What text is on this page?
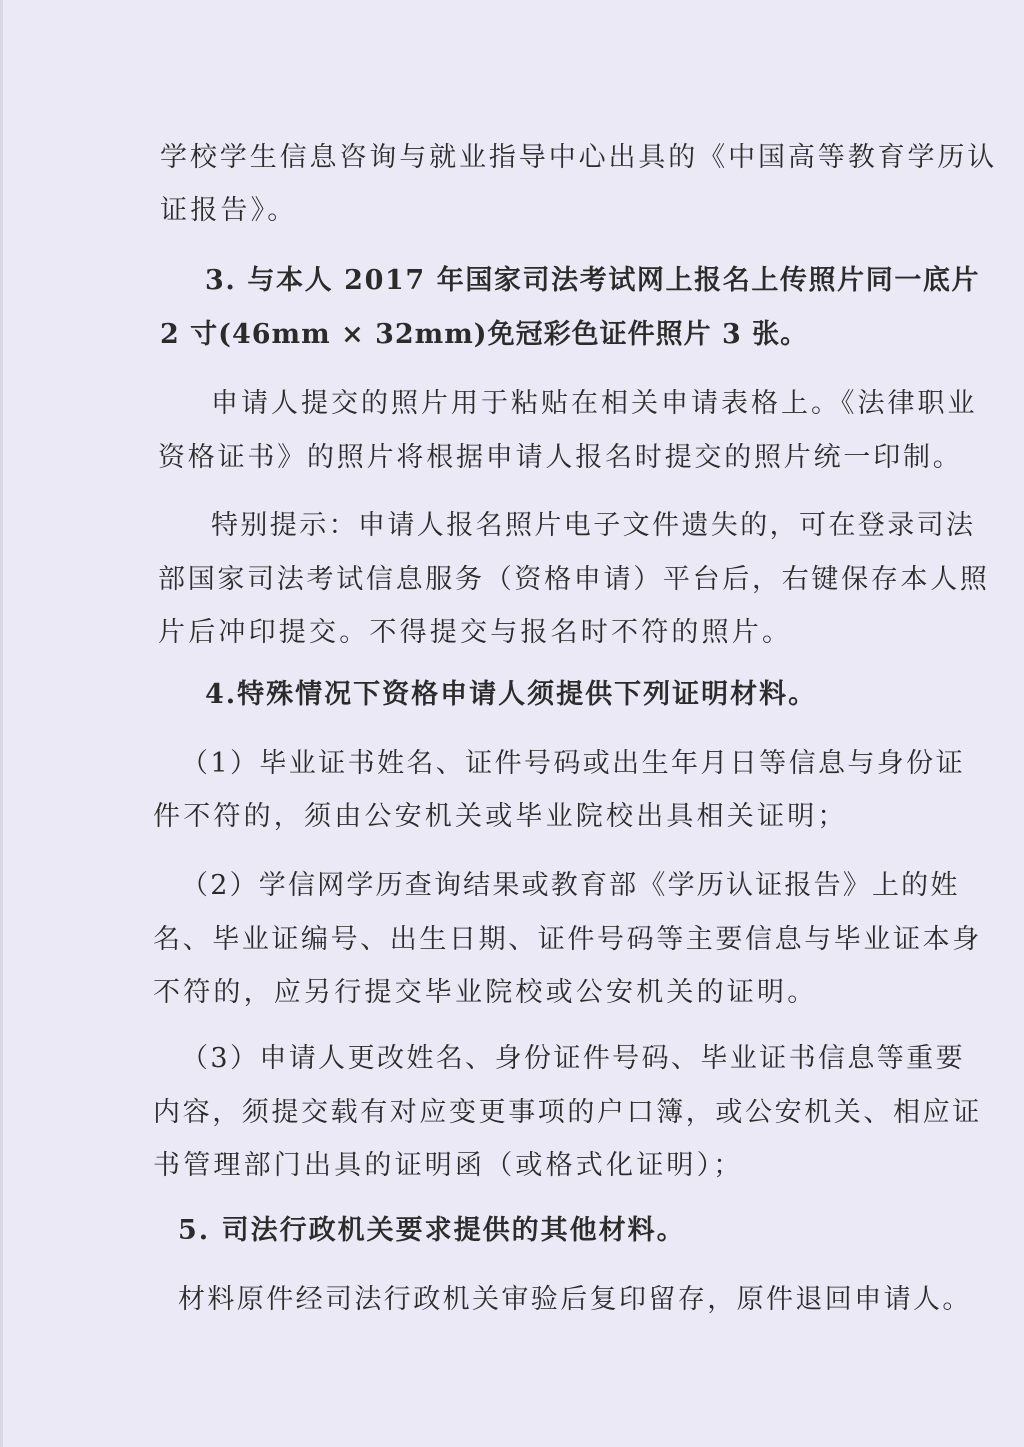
学校学生信息咨询与就业指导中心出具的《中国高等教育学历认

证报告》。

3. 与本人 2017 年国家司法考试网上报名上传照片同一底片

2 寸(46mm × 32mm)免冠彩色证件照片 3 张。

申请人提交的照片用于粘贴在相关申请表格上。《法律职业

资格证书》的照片将根据申请人报名时提交的照片统一印制。

特别提示：申请人报名照片电子文件遗失的，可在登录司法

部国家司法考试信息服务（资格申请）平台后，右键保存本人照

片后冲印提交。不得提交与报名时不符的照片。

4.特殊情况下资格申请人须提供下列证明材料。

（1）毕业证书姓名、证件号码或出生年月日等信息与身份证

件不符的，须由公安机关或毕业院校出具相关证明；

（2）学信网学历查询结果或教育部《学历认证报告》上的姓

名、毕业证编号、出生日期、证件号码等主要信息与毕业证本身

不符的，应另行提交毕业院校或公安机关的证明。

（3）申请人更改姓名、身份证件号码、毕业证书信息等重要

内容，须提交载有对应变更事项的户口簿，或公安机关、相应证

书管理部门出具的证明函（或格式化证明）；

5. 司法行政机关要求提供的其他材料。

材料原件经司法行政机关审验后复印留存，原件退回申请人。
